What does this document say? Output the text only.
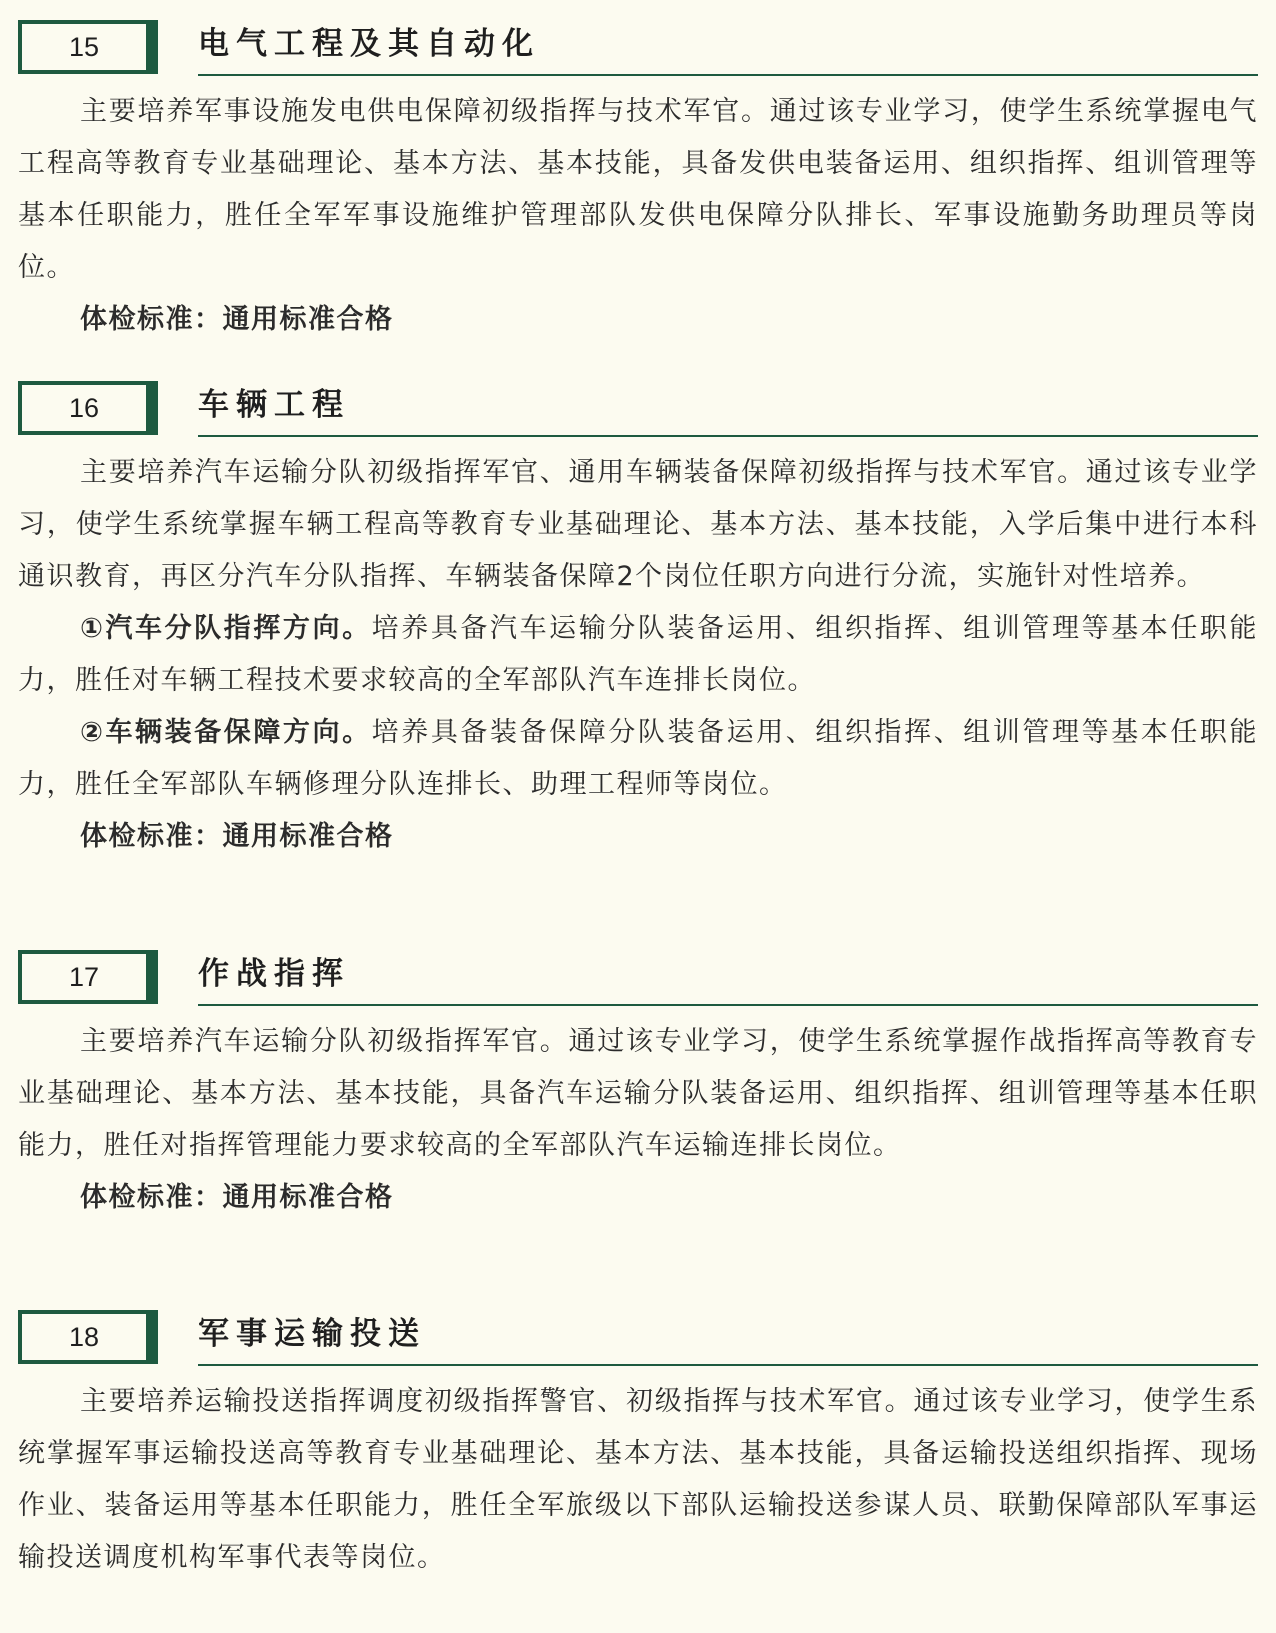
15	电气工程及其自动化

主要培养军事设施发电供电保障初级指挥与技术军官。通过该专业学习，使学生系统掌握电气工程高等教育专业基础理论、基本方法、基本技能，具备发供电装备运用、组织指挥、组训管理等基本任职能力，胜任全军军事设施维护管理部队发供电保障分队排长、军事设施勤务助理员等岗位。

体检标准：通用标准合格

16	车辆工程

主要培养汽车运输分队初级指挥军官、通用车辆装备保障初级指挥与技术军官。通过该专业学习，使学生系统掌握车辆工程高等教育专业基础理论、基本方法、基本技能，入学后集中进行本科通识教育，再区分汽车分队指挥、车辆装备保障2个岗位任职方向进行分流，实施针对性培养。

①汽车分队指挥方向。培养具备汽车运输分队装备运用、组织指挥、组训管理等基本任职能力，胜任对车辆工程技术要求较高的全军部队汽车连排长岗位。

②车辆装备保障方向。培养具备装备保障分队装备运用、组织指挥、组训管理等基本任职能力，胜任全军部队车辆修理分队连排长、助理工程师等岗位。

体检标准：通用标准合格

17	作战指挥

主要培养汽车运输分队初级指挥军官。通过该专业学习，使学生系统掌握作战指挥高等教育专业基础理论、基本方法、基本技能，具备汽车运输分队装备运用、组织指挥、组训管理等基本任职能力，胜任对指挥管理能力要求较高的全军部队汽车运输连排长岗位。

体检标准：通用标准合格

18	军事运输投送

主要培养运输投送指挥调度初级指挥警官、初级指挥与技术军官。通过该专业学习，使学生系统掌握军事运输投送高等教育专业基础理论、基本方法、基本技能，具备运输投送组织指挥、现场作业、装备运用等基本任职能力，胜任全军旅级以下部队运输投送参谋人员、联勤保障部队军事运输投送调度机构军事代表等岗位。
